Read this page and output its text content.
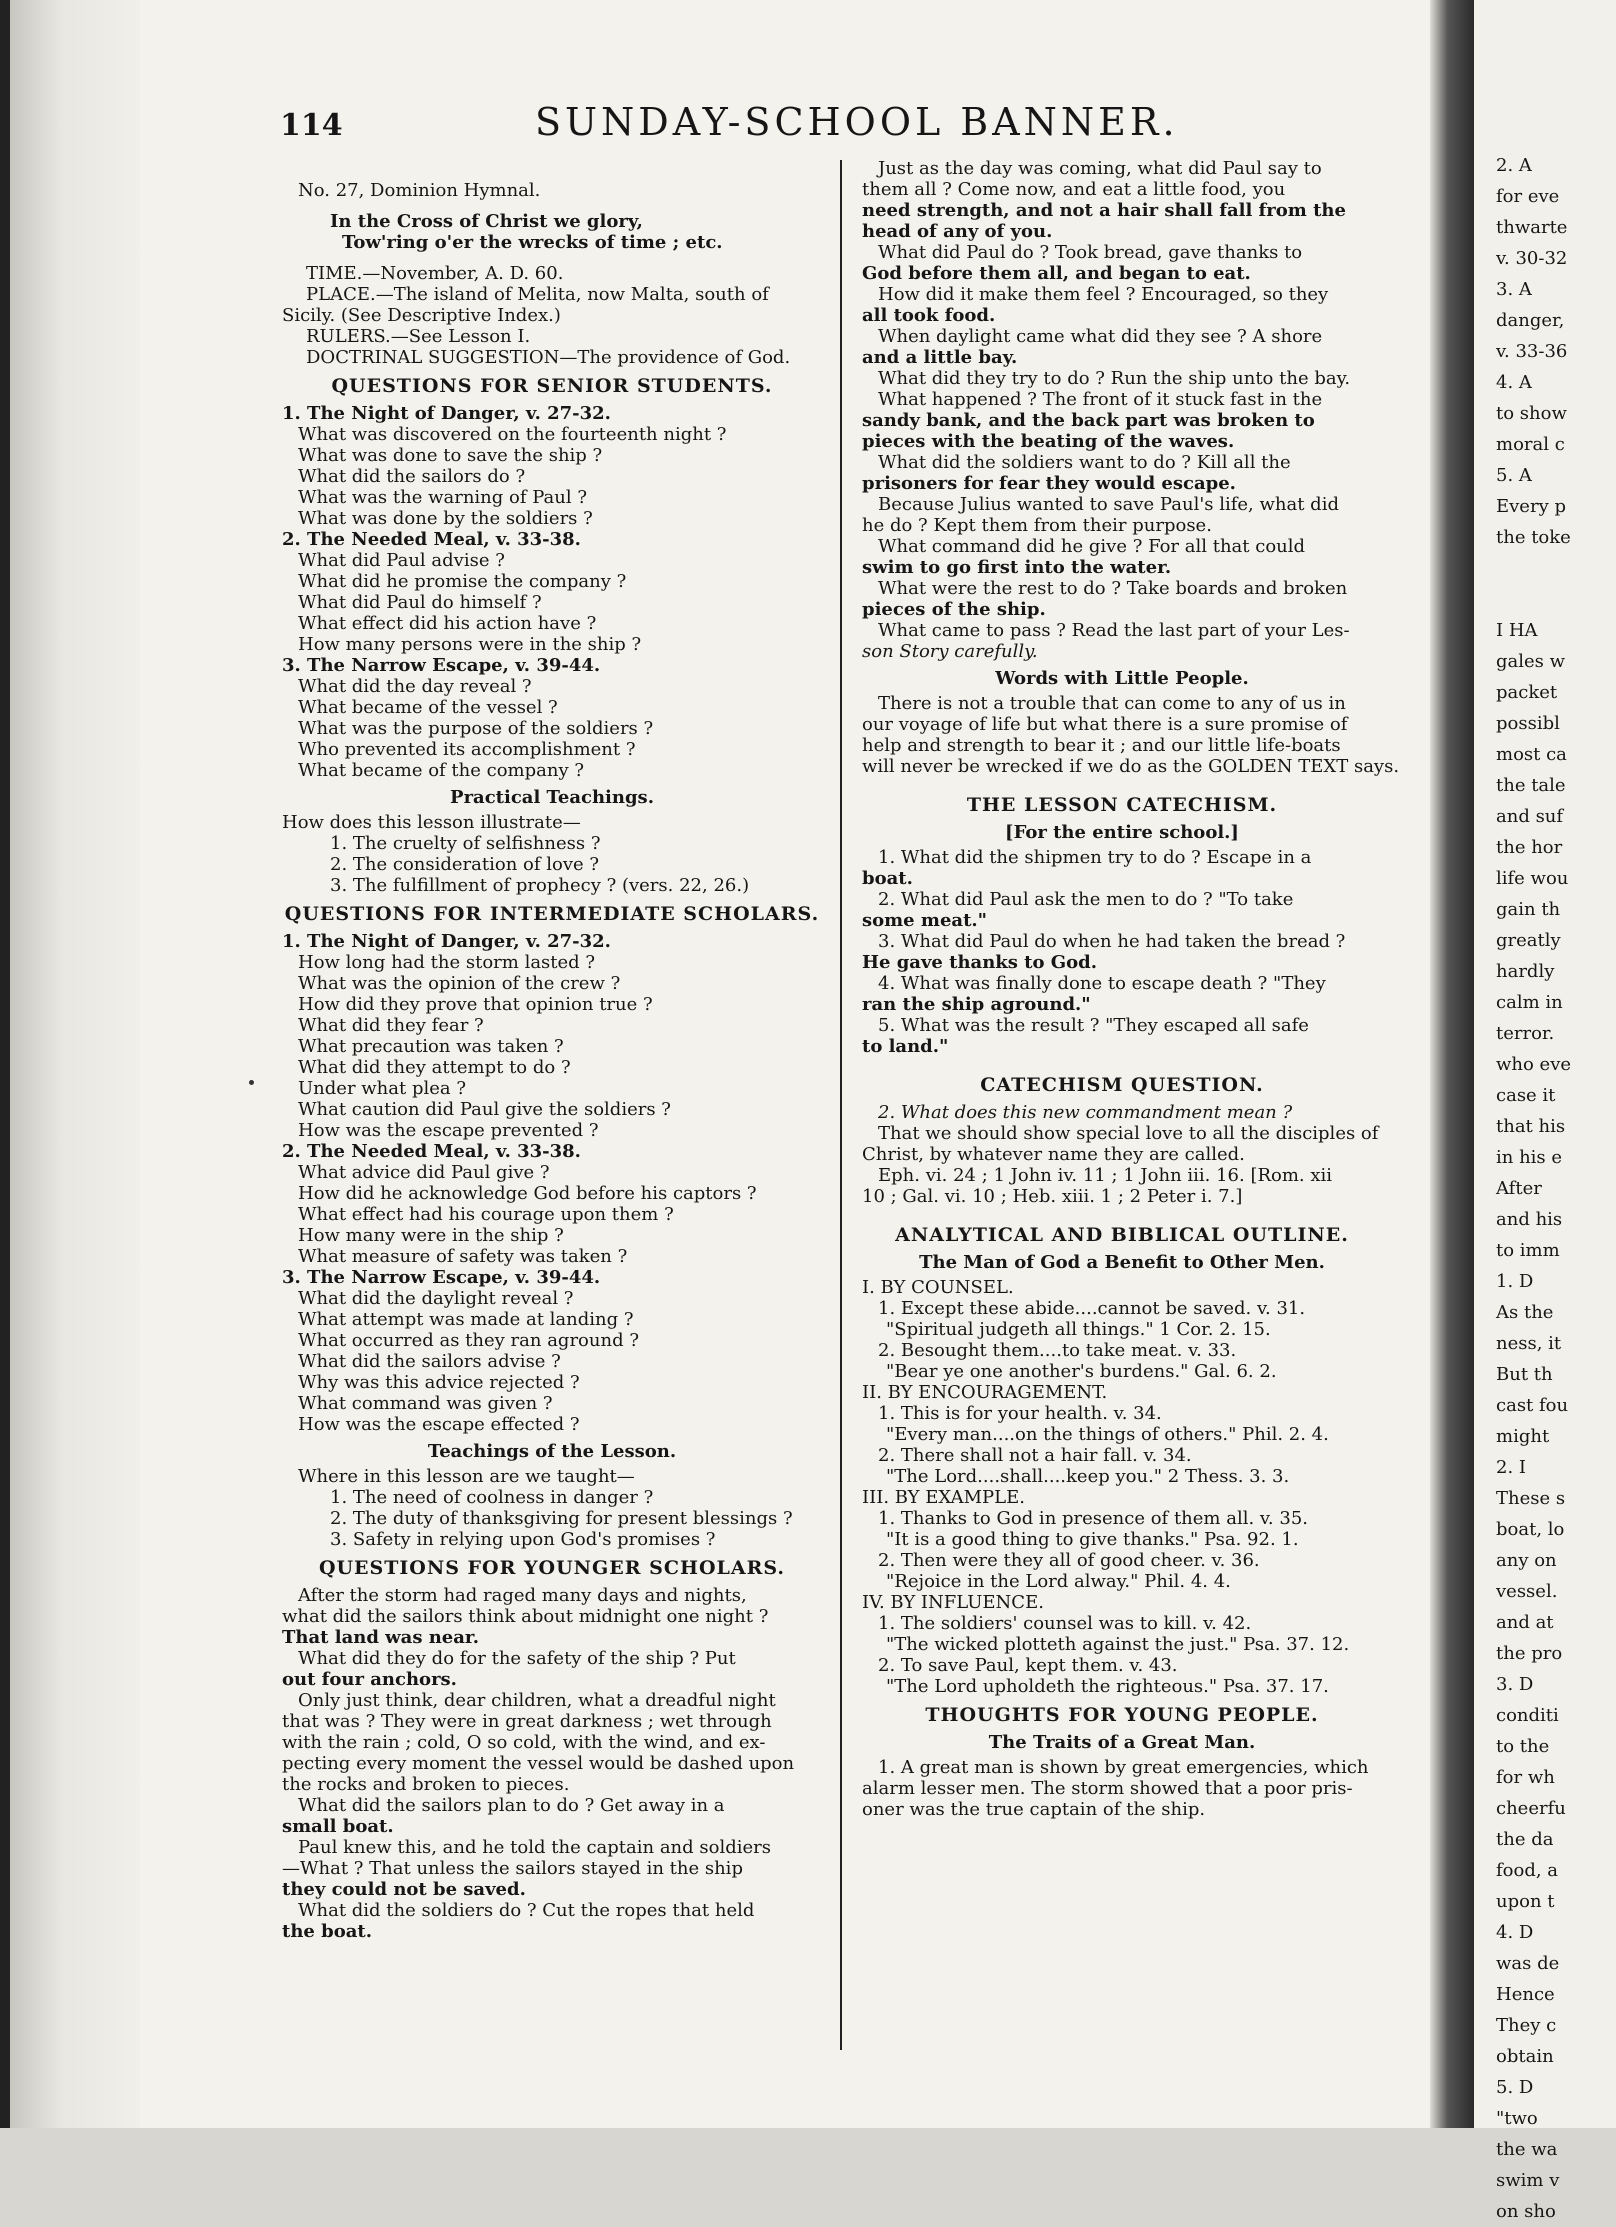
2. A
for eve
thwarte
v. 30-32
3. A
danger,
v. 33-36
4. A
to show
moral c
5. A
Every p
the toke

I HA
gales w
packet
possibl
most ca
the tale
and suf
the hor
life wou
gain th
greatly
hardly
calm in
terror.
who eve
case it
that his
in his e
After
and his
to imm
1. D
As the
ness, it
But th
cast fou
might
2. I
These s
boat, lo
any on
vessel.
and at
the pro
3. D
conditi
to the
for wh
cheerfu
the da
food, a
upon t
4. D
was de
Hence
They c
obtain
5. D
"two
the wa
swim v
on sho
114	SUNDAY-SCHOOL BANNER.
No. 27, Dominion Hymnal.
In the Cross of Christ we glory,
Tow'ring o'er the wrecks of time ; etc.
TIME.—November, A. D. 60.
PLACE.—The island of Melita, now Malta, south of
Sicily. (See Descriptive Index.)
RULERS.—See Lesson I.
DOCTRINAL SUGGESTION—The providence of God.
QUESTIONS FOR SENIOR STUDENTS.
1. The Night of Danger, v. 27-32.
What was discovered on the fourteenth night ?
What was done to save the ship ?
What did the sailors do ?
What was the warning of Paul ?
What was done by the soldiers ?
2. The Needed Meal, v. 33-38.
What did Paul advise ?
What did he promise the company ?
What did Paul do himself ?
What effect did his action have ?
How many persons were in the ship ?
3. The Narrow Escape, v. 39-44.
What did the day reveal ?
What became of the vessel ?
What was the purpose of the soldiers ?
Who prevented its accomplishment ?
What became of the company ?
Practical Teachings.
How does this lesson illustrate—
1. The cruelty of selfishness ?
2. The consideration of love ?
3. The fulfillment of prophecy ? (vers. 22, 26.)
QUESTIONS FOR INTERMEDIATE SCHOLARS.
1. The Night of Danger, v. 27-32.
How long had the storm lasted ?
What was the opinion of the crew ?
How did they prove that opinion true ?
What did they fear ?
What precaution was taken ?
What did they attempt to do ?
Under what plea ?
What caution did Paul give the soldiers ?
How was the escape prevented ?
2. The Needed Meal, v. 33-38.
What advice did Paul give ?
How did he acknowledge God before his captors ?
What effect had his courage upon them ?
How many were in the ship ?
What measure of safety was taken ?
3. The Narrow Escape, v. 39-44.
What did the daylight reveal ?
What attempt was made at landing ?
What occurred as they ran aground ?
What did the sailors advise ?
Why was this advice rejected ?
What command was given ?
How was the escape effected ?
Teachings of the Lesson.
Where in this lesson are we taught—
1. The need of coolness in danger ?
2. The duty of thanksgiving for present blessings ?
3. Safety in relying upon God's promises ?
QUESTIONS FOR YOUNGER SCHOLARS.
After the storm had raged many days and nights,
what did the sailors think about midnight one night ?
That land was near.
What did they do for the safety of the ship ? Put
out four anchors.
Only just think, dear children, what a dreadful night
that was ? They were in great darkness ; wet through
with the rain ; cold, O so cold, with the wind, and ex-
pecting every moment the vessel would be dashed upon
the rocks and broken to pieces.
What did the sailors plan to do ? Get away in a
small boat.
Paul knew this, and he told the captain and soldiers
—What ? That unless the sailors stayed in the ship
they could not be saved.
What did the soldiers do ? Cut the ropes that held
the boat.
Just as the day was coming, what did Paul say to
them all ? Come now, and eat a little food, you
need strength, and not a hair shall fall from the
head of any of you.
What did Paul do ? Took bread, gave thanks to
God before them all, and began to eat.
How did it make them feel ? Encouraged, so they
all took food.
When daylight came what did they see ? A shore
and a little bay.
What did they try to do ? Run the ship unto the bay.
What happened ? The front of it stuck fast in the
sandy bank, and the back part was broken to
pieces with the beating of the waves.
What did the soldiers want to do ? Kill all the
prisoners for fear they would escape.
Because Julius wanted to save Paul's life, what did
he do ? Kept them from their purpose.
What command did he give ? For all that could
swim to go first into the water.
What were the rest to do ? Take boards and broken
pieces of the ship.
What came to pass ? Read the last part of your Les-
son Story carefully.
Words with Little People.
There is not a trouble that can come to any of us in
our voyage of life but what there is a sure promise of
help and strength to bear it ; and our little life-boats
will never be wrecked if we do as the GOLDEN TEXT says.
THE LESSON CATECHISM.
[For the entire school.]
1. What did the shipmen try to do ? Escape in a
boat.
2. What did Paul ask the men to do ? "To take
some meat."
3. What did Paul do when he had taken the bread ?
He gave thanks to God.
4. What was finally done to escape death ? "They
ran the ship aground."
5. What was the result ? "They escaped all safe
to land."
CATECHISM QUESTION.
2. What does this new commandment mean ?
That we should show special love to all the disciples of
Christ, by whatever name they are called.
Eph. vi. 24 ; 1 John iv. 11 ; 1 John iii. 16. [Rom. xii
10 ; Gal. vi. 10 ; Heb. xiii. 1 ; 2 Peter i. 7.]
ANALYTICAL AND BIBLICAL OUTLINE.
The Man of God a Benefit to Other Men.
I. BY COUNSEL.
1. Except these abide....cannot be saved. v. 31.
"Spiritual judgeth all things." 1 Cor. 2. 15.
2. Besought them....to take meat. v. 33.
"Bear ye one another's burdens." Gal. 6. 2.
II. BY ENCOURAGEMENT.
1. This is for your health. v. 34.
"Every man....on the things of others." Phil. 2. 4.
2. There shall not a hair fall. v. 34.
"The Lord....shall....keep you." 2 Thess. 3. 3.
III. BY EXAMPLE.
1. Thanks to God in presence of them all. v. 35.
"It is a good thing to give thanks." Psa. 92. 1.
2. Then were they all of good cheer. v. 36.
"Rejoice in the Lord alway." Phil. 4. 4.
IV. BY INFLUENCE.
1. The soldiers' counsel was to kill. v. 42.
"The wicked plotteth against the just." Psa. 37. 12.
2. To save Paul, kept them. v. 43.
"The Lord upholdeth the righteous." Psa. 37. 17.
THOUGHTS FOR YOUNG PEOPLE.
The Traits of a Great Man.
1. A great man is shown by great emergencies, which
alarm lesser men. The storm showed that a poor pris-
oner was the true captain of the ship.
